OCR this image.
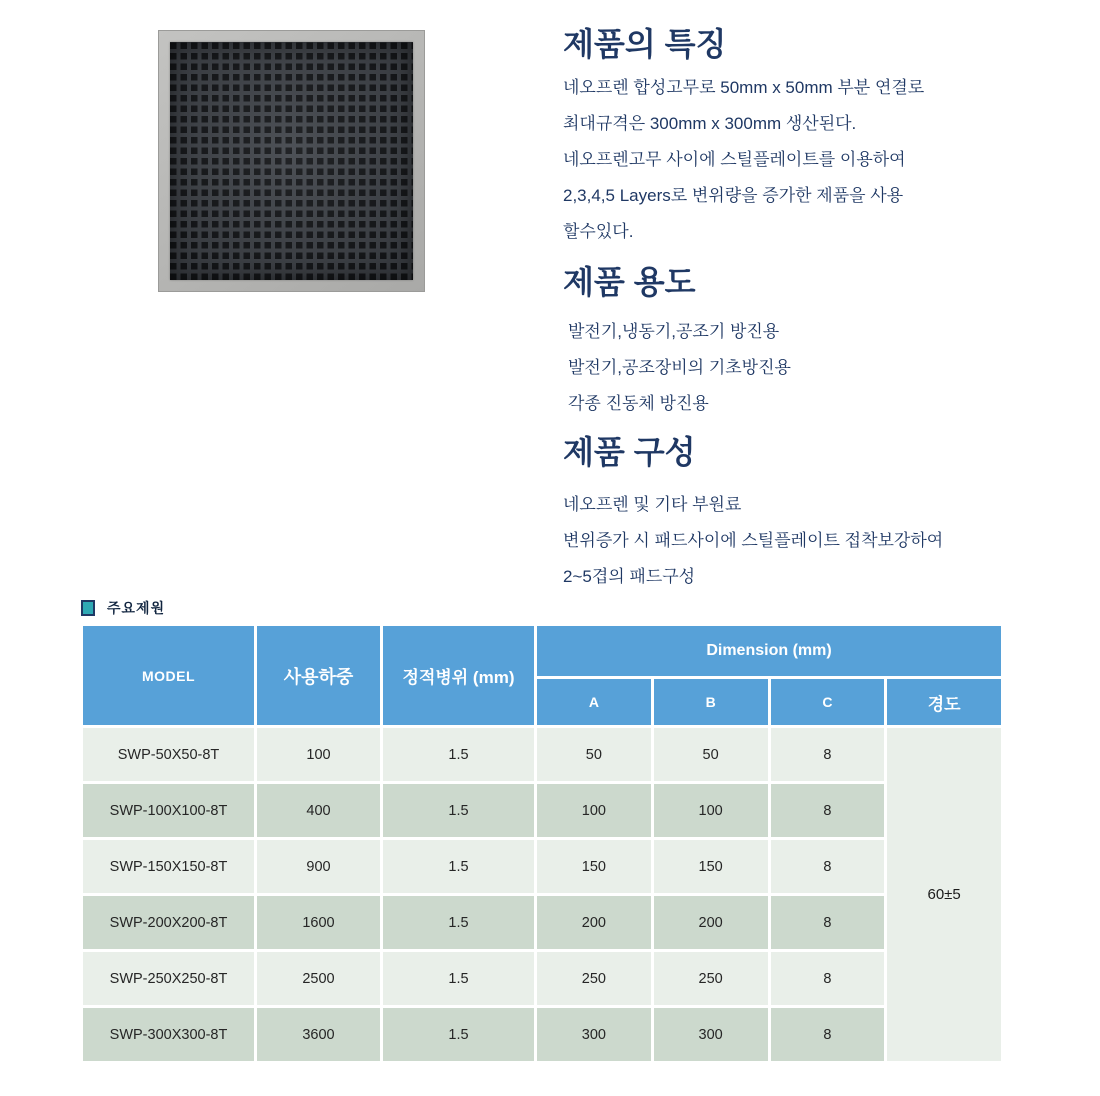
제품의 특징
네오프렌 합성고무로 50mm x 50mm 부분 연결로
최대규격은 300mm x 300mm 생산된다.
네오프렌고무 사이에 스틸플레이트를 이용하여
2,3,4,5 Layers로 변위량을 증가한 제품을 사용
할수있다.
제품 용도
발전기,냉동기,공조기 방진용
발전기,공조장비의 기초방진용
각종 진동체 방진용
제품 구성
네오프렌 및 기타 부원료
변위증가 시 패드사이에 스틸플레이트 접착보강하여
2~5겹의 패드구성
주요제원
MODEL	사용하중	정적병위 (mm)	Dimension (mm)			
			A	B	C	경도
SWP-50X50-8T	100	1.5	50	50	8	60±5
SWP-100X100-8T	400	1.5	100	100	8	
SWP-150X150-8T	900	1.5	150	150	8	
SWP-200X200-8T	1600	1.5	200	200	8	
SWP-250X250-8T	2500	1.5	250	250	8	
SWP-300X300-8T	3600	1.5	300	300	8	
